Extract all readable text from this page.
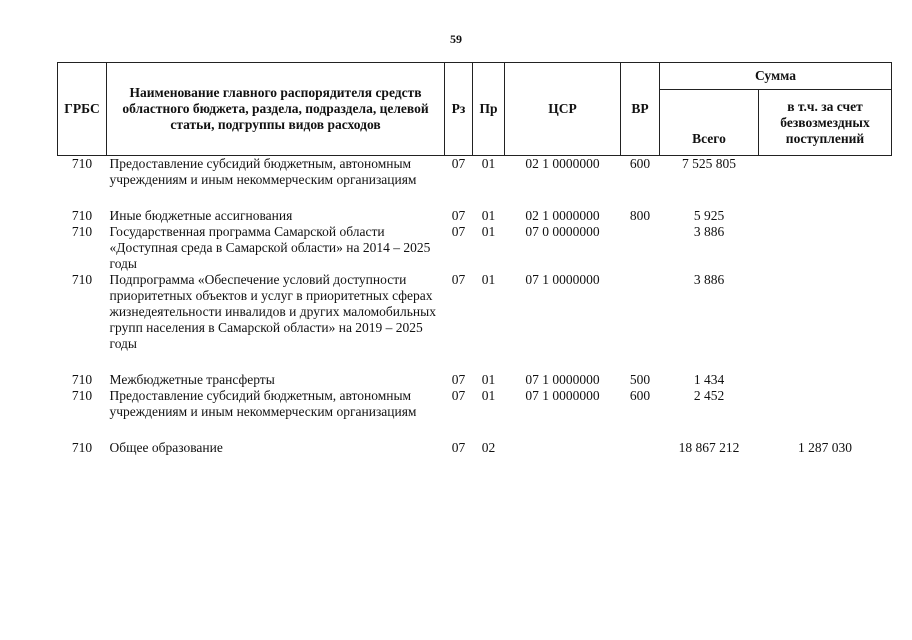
59
ГРБС	Наименование главного распорядителя средств областного бюджета, раздела, подраздела, целевой статьи, подгруппы видов расходов	Рз	Пр	ЦСР	ВР	Сумма	
						Всего	в т.ч. за счет безвозмездных поступлений
710	Предоставление субсидий бюджетным, автономным учреждениям и иным некоммерческим организациям	07	01	02 1 0000000	600	7 525 805	

710	Иные бюджетные ассигнования	07	01	02 1 0000000	800	5 925	
710	Государственная программа Самарской области «Доступная среда в Самарской области» на 2014 – 2025 годы	07	01	07 0 0000000		3 886	
710	Подпрограмма «Обеспечение условий доступности приоритетных объектов и услуг в приоритетных сферах жизнедеятельности инвалидов и других маломобильных групп населения в Самарской области» на 2019 – 2025 годы	07	01	07 1 0000000		3 886	

710	Межбюджетные трансферты	07	01	07 1 0000000	500	1 434	
710	Предоставление субсидий бюджетным, автономным учреждениям и иным некоммерческим организациям	07	01	07 1 0000000	600	2 452	

710	Общее образование	07	02			18 867 212	1 287 030
